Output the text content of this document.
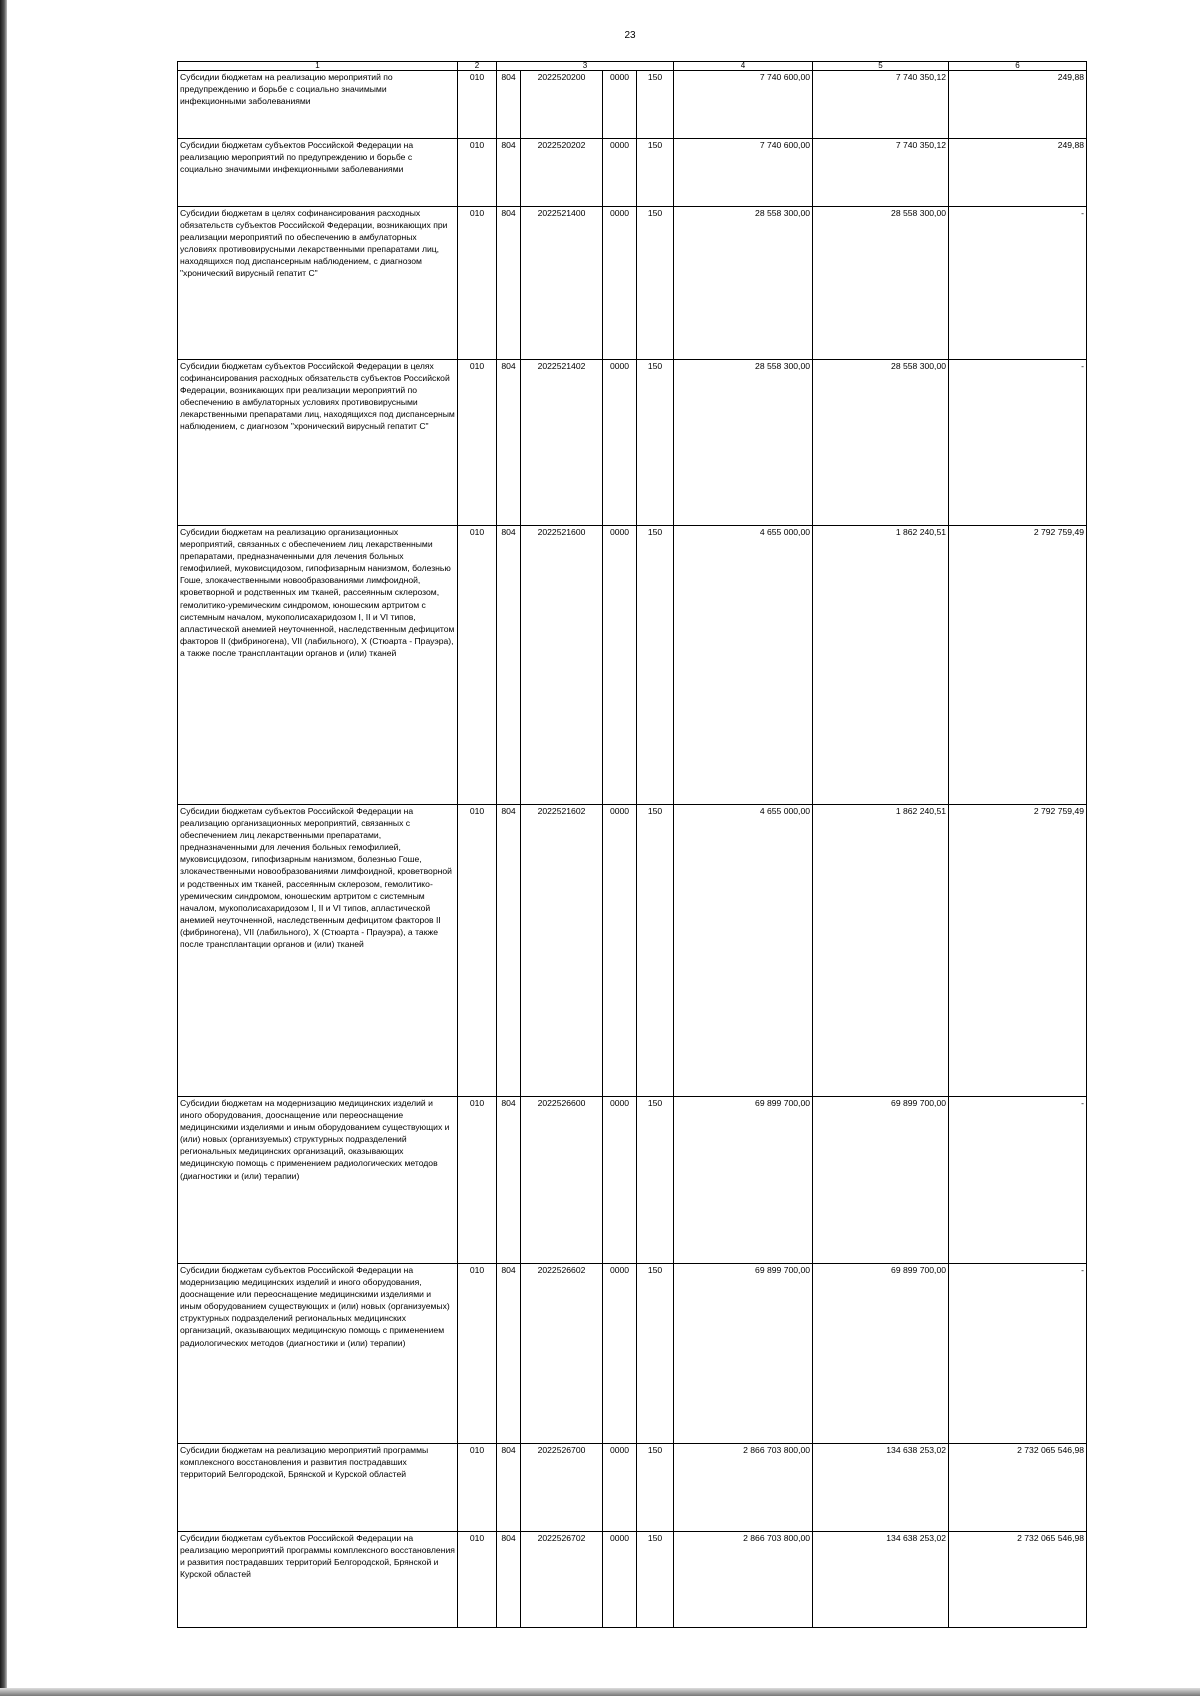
23
1	2	3				4	5	6
Субсидии бюджетам на реализацию мероприятий по предупреждению и борьбе с социально значимыми инфекционными заболеваниями	010	804	2022520200	0000	150	7 740 600,00	7 740 350,12	249,88
Субсидии бюджетам субъектов Российской Федерации на реализацию мероприятий по предупреждению и борьбе с социально значимыми инфекционными заболеваниями	010	804	2022520202	0000	150	7 740 600,00	7 740 350,12	249,88
Субсидии бюджетам в целях софинансирования расходных обязательств субъектов Российской Федерации, возникающих при реализации мероприятий по обеспечению в амбулаторных условиях противовирусными лекарственными препаратами лиц, находящихся под диспансерным наблюдением, с диагнозом "хронический вирусный гепатит С"	010	804	2022521400	0000	150	28 558 300,00	28 558 300,00	-
Субсидии бюджетам субъектов Российской Федерации в целях софинансирования расходных обязательств субъектов Российской Федерации, возникающих при реализации мероприятий по обеспечению в амбулаторных условиях противовирусными лекарственными препаратами лиц, находящихся под диспансерным наблюдением, с диагнозом "хронический вирусный гепатит С"	010	804	2022521402	0000	150	28 558 300,00	28 558 300,00	-
Субсидии бюджетам на реализацию организационных мероприятий, связанных с обеспечением лиц лекарственными препаратами, предназначенными для лечения больных гемофилией, муковисцидозом, гипофизарным нанизмом, болезнью Гоше, злокачественными новообразованиями лимфоидной, кроветворной и родственных им тканей, рассеянным склерозом, гемолитико-уремическим синдромом, юношеским артритом с системным началом, мукополисахаридозом I, II и VI типов, апластической анемией неуточненной, наследственным дефицитом факторов II (фибриногена), VII (лабильного), X (Стюарта - Прауэра), а также после трансплантации органов и (или) тканей	010	804	2022521600	0000	150	4 655 000,00	1 862 240,51	2 792 759,49
Субсидии бюджетам субъектов Российской Федерации на реализацию организационных мероприятий, связанных с обеспечением лиц лекарственными препаратами, предназначенными для лечения больных гемофилией, муковисцидозом, гипофизарным нанизмом, болезнью Гоше, злокачественными новообразованиями лимфоидной, кроветворной и родственных им тканей, рассеянным склерозом, гемолитико-уремическим синдромом, юношеским артритом с системным началом, мукополисахаридозом I, II и VI типов, апластической анемией неуточненной, наследственным дефицитом факторов II (фибриногена), VII (лабильного), X (Стюарта - Прауэра), а также после трансплантации органов и (или) тканей	010	804	2022521602	0000	150	4 655 000,00	1 862 240,51	2 792 759,49
Субсидии бюджетам на модернизацию медицинских изделий и иного оборудования, дооснащение или переоснащение медицинскими изделиями и иным оборудованием существующих и (или) новых (организуемых) структурных подразделений региональных медицинских организаций, оказывающих медицинскую помощь с применением радиологических методов (диагностики и (или) терапии)	010	804	2022526600	0000	150	69 899 700,00	69 899 700,00	-
Субсидии бюджетам субъектов Российской Федерации на модернизацию медицинских изделий и иного оборудования, дооснащение или переоснащение медицинскими изделиями и иным оборудованием существующих и (или) новых (организуемых) структурных подразделений региональных медицинских организаций, оказывающих медицинскую помощь с применением радиологических методов (диагностики и (или) терапии)	010	804	2022526602	0000	150	69 899 700,00	69 899 700,00	-
Субсидии бюджетам на реализацию мероприятий программы комплексного восстановления и развития пострадавших территорий Белгородской, Брянской и Курской областей	010	804	2022526700	0000	150	2 866 703 800,00	134 638 253,02	2 732 065 546,98
Субсидии бюджетам субъектов Российской Федерации на реализацию мероприятий программы комплексного восстановления и развития пострадавших территорий Белгородской, Брянской и Курской областей	010	804	2022526702	0000	150	2 866 703 800,00	134 638 253,02	2 732 065 546,98
